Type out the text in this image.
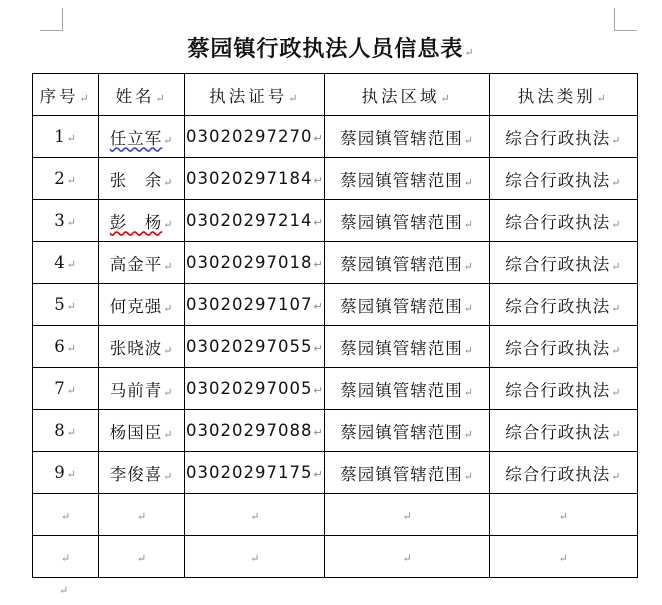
蔡园镇行政执法人员信息表↵
序号↵	姓名↵	执法证号↵	执法区域↵	执法类别↵
1↵	任立军↵	03020297270↵	蔡园镇管辖范围↵	综合行政执法↵
2↵	张　余↵	03020297184↵	蔡园镇管辖范围↵	综合行政执法↵
3↵	彭　杨↵	03020297214↵	蔡园镇管辖范围↵	综合行政执法↵
4↵	高金平↵	03020297018↵	蔡园镇管辖范围↵	综合行政执法↵
5↵	何克强↵	03020297107↵	蔡园镇管辖范围↵	综合行政执法↵
6↵	张晓波↵	03020297055↵	蔡园镇管辖范围↵	综合行政执法↵
7↵	马前青↵	03020297005↵	蔡园镇管辖范围↵	综合行政执法↵
8↵	杨国臣↵	03020297088↵	蔡园镇管辖范围↵	综合行政执法↵
9↵	李俊喜↵	03020297175↵	蔡园镇管辖范围↵	综合行政执法↵
↵	↵	↵	↵	↵
↵	↵	↵	↵	↵
↵
